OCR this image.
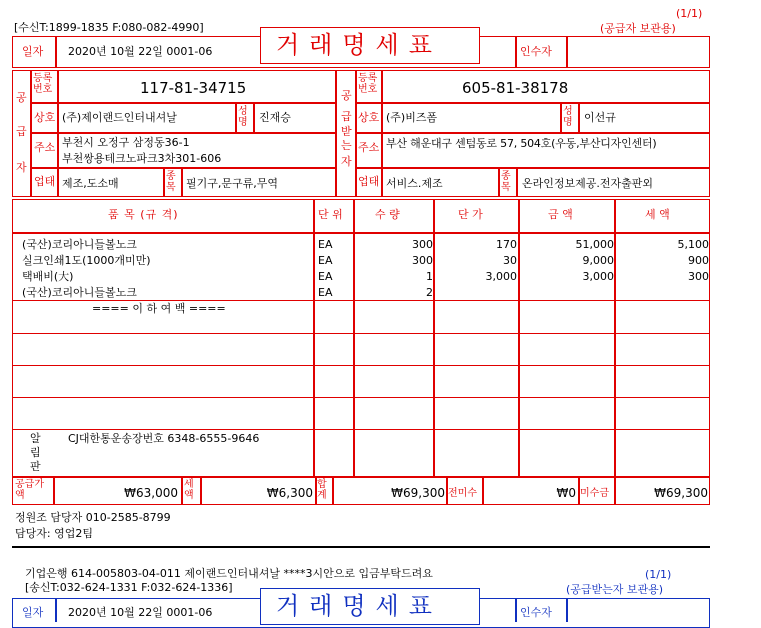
[수신T:1899-1835 F:080-082-4990]
(1/1)
(공급자 보관용)
일자 2020년 10월 22일 0001-06	거래명세표	인수자
공
급
자
등록번호	117-81-34715
상호 (주)제이랜드인터내셔날	성명	진재승
주소 부천시 오정구 삼정동36-1
부천쌍용테크노파크3차301-606
업태 제조,도소매
종목 필기구,문구류,무역
공
급
받
는
자
등록번호	605-81-38178
상호 (주)비즈폼	성명	이선규
주소 부산 해운대구 센텀동로 57, 504호(우동,부산디자인센터)
업태 서비스.제조
종목	온라인정보제공.전자출판외
품 목 (규 격)	단 위	수 량	단 가	금 액	세 액
(국산)코리아니들볼노크	EA	300	170	51,000	5,100
실크인쇄1도(1000개미만)	EA	300	30	9,000	900
택배비(大)	EA	1	3,000	3,000	300
(국산)코리아니들볼노크	EA	2
==== 이 하 여 백 ====
알
림
판
CJ대한통운송장번호 6348-6555-9646
공급가액	₩63,000
세액	₩6,300
합계	₩69,300 전미수	₩0 미수금	₩69,300
정원조 담당자 010-2585-8799
담당자: 영업2팀
기업은행 614-005803-04-011 제이랜드인터내셔날 ****3시안으로 입금부탁드려요
[송신T:032-624-1331 F:032-624-1336]
(1/1)
(공급받는자 보관용)
일자 2020년 10월 22일 0001-06	거래명세표	인수자
